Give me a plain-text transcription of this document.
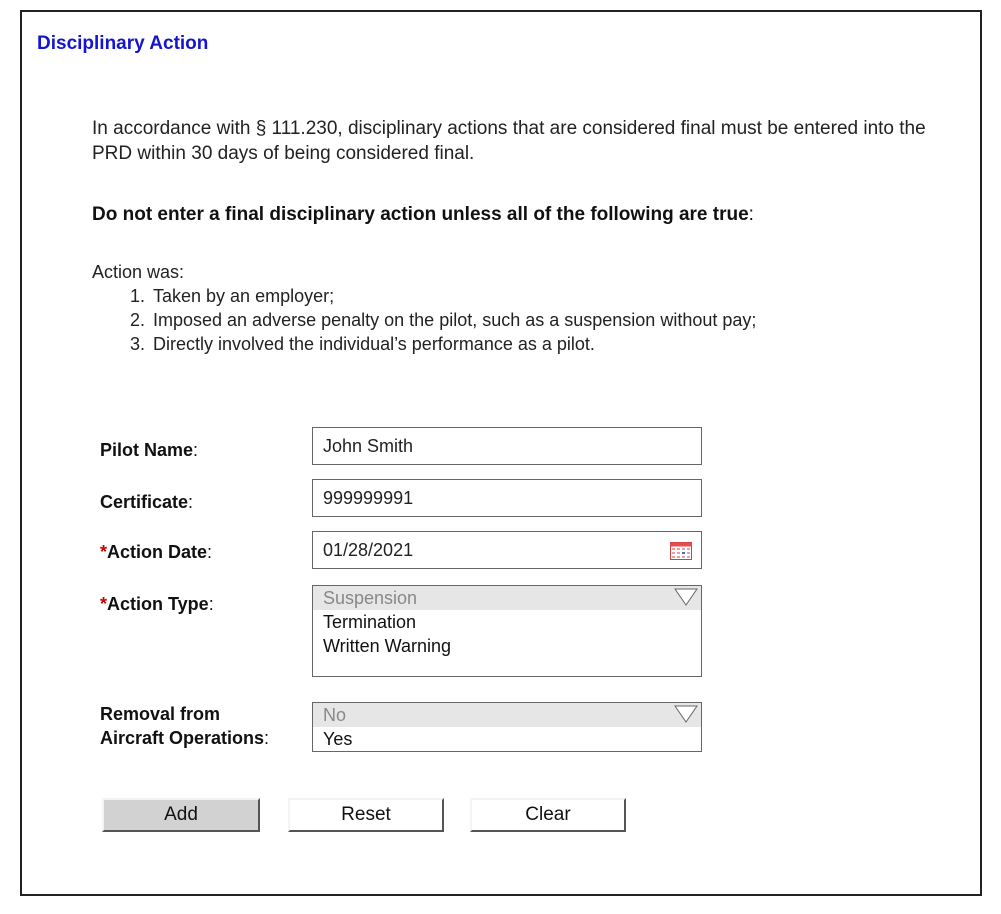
Disciplinary Action
In accordance with § 111.230, disciplinary actions that are considered final must be entered into the PRD within 30 days of being considered final.
Do not enter a final disciplinary action unless all of the following are true:
Action was:
1. Taken by an employer;
2. Imposed an adverse penalty on the pilot, such as a suspension without pay;
3. Directly involved the individual’s performance as a pilot.
Pilot Name:
John Smith
Certificate:
999999991
*Action Date:
01/28/2021
*Action Type:	Suspension
Termination
Written Warning
Removal from
Aircraft Operations:
No
Yes
Add	Reset	Clear
